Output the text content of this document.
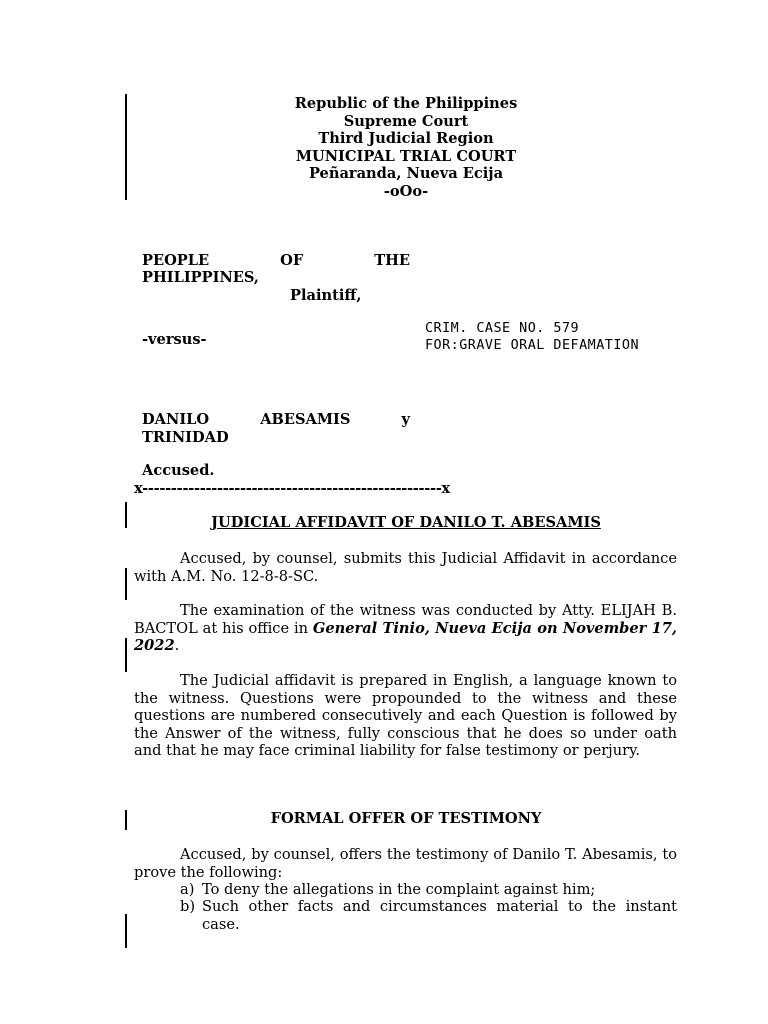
Republic of the Philippines
Supreme Court
Third Judicial Region
MUNICIPAL TRIAL COURT
Peñaranda, Nueva Ecija
-oOo-
PEOPLE	OF	THE
PHILIPPINES,
Plaintiff,
-versus-
CRIM. CASE NO. 579
FOR:GRAVE ORAL DEFAMATION
DANILO	ABESAMIS	y
TRINIDAD
Accused.
x----------------------------------------------------x
JUDICIAL AFFIDAVIT OF DANILO T. ABESAMIS
Accused, by counsel, submits this Judicial Affidavit in accordance with A.M. No. 12-8-8-SC.
The examination of the witness was conducted by Atty. ELIJAH B. BACTOL at his office in General Tinio, Nueva Ecija on November 17, 2022.
The Judicial affidavit is prepared in English, a language known to the witness. Questions were propounded to the witness and these questions are numbered consecutively and each Question is followed by the Answer of the witness, fully conscious that he does so under oath and that he may face criminal liability for false testimony or perjury.
FORMAL OFFER OF TESTIMONY
Accused, by counsel, offers the testimony of Danilo T. Abesamis, to prove the following:
a) To deny the allegations in the complaint against him;
b) Such other facts and circumstances material to the instant case.
